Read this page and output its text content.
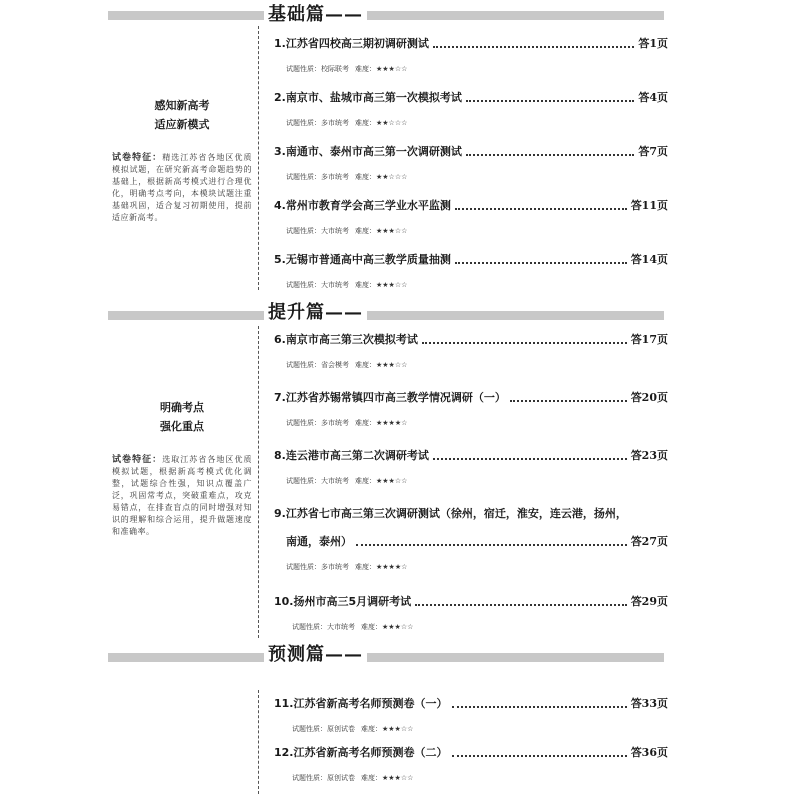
基础篇——
感知新高考
适应新模式
试卷特征：精选江苏省各地区优质模拟试题，在研究新高考命题趋势的基础上，根据新高考模式进行合理优化，明确考点考向，本模块试题注重基础巩固，适合复习初期使用，提前适应新高考。
1.江苏省四校高三期初调研测试	答1页
试题性质：校际联考 难度：★★★☆☆
2.南京市、盐城市高三第一次模拟考试	答4页
试题性质：多市统考 难度：★★☆☆☆
3.南通市、泰州市高三第一次调研测试	答7页
试题性质：多市统考 难度：★★☆☆☆
4.常州市教育学会高三学业水平监测	答11页
试题性质：大市统考 难度：★★★☆☆
5.无锡市普通高中高三教学质量抽测	答14页
试题性质：大市统考 难度：★★★☆☆
提升篇——
明确考点
强化重点
试卷特征：选取江苏省各地区优质模拟试题，根据新高考模式优化调整，试题综合性强，知识点覆盖广泛，巩固常考点，突破重难点，攻克易错点，在排查盲点的同时增强对知识的理解和综合运用，提升做题速度和准确率。
6.南京市高三第三次模拟考试	答17页
试题性质：省会模考 难度：★★★☆☆
7.江苏省苏锡常镇四市高三教学情况调研（一）	答20页
试题性质：多市统考 难度：★★★★☆
8.连云港市高三第二次调研考试	答23页
试题性质：大市统考 难度：★★★☆☆
9.江苏省七市高三第三次调研测试（徐州，宿迁，淮安，连云港，扬州，
南通，泰州）	答27页
试题性质：多市统考 难度：★★★★☆
10.扬州市高三5月调研考试	答29页
试题性质：大市统考 难度：★★★☆☆
预测篇——
11.江苏省新高考名师预测卷（一）	答33页
试题性质：原创试卷 难度：★★★☆☆
12.江苏省新高考名师预测卷（二）	答36页
试题性质：原创试卷 难度：★★★☆☆
